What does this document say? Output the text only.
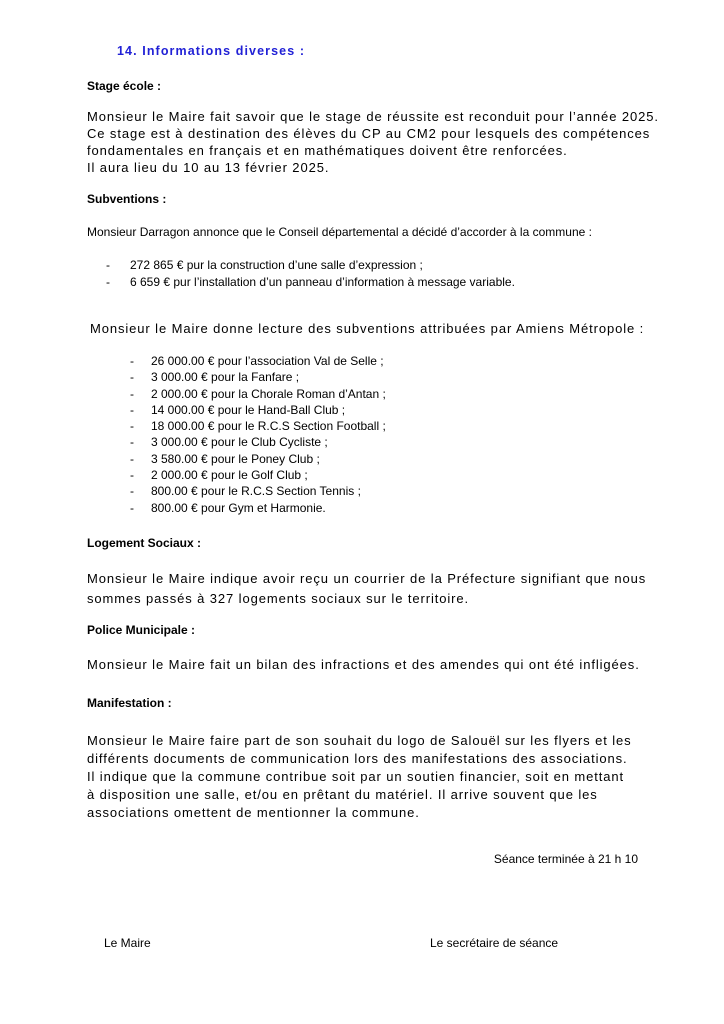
14. Informations diverses :
Stage école :
Monsieur le Maire fait savoir que le stage de réussite est reconduit pour l’année 2025.
Ce stage est à destination des élèves du CP au CM2 pour lesquels des compétences
fondamentales en français et en mathématiques doivent être renforcées.
Il aura lieu du 10 au 13 février 2025.
Subventions :
Monsieur Darragon annonce que le Conseil départemental a décidé d’accorder à la commune :
- 272 865 € pur la construction d’une salle d’expression ;
- 6 659 € pur l’installation d’un panneau d’information à message variable.
Monsieur le Maire donne lecture des subventions attribuées par Amiens Métropole :
- 26 000.00 € pour l’association Val de Selle ;
- 3 000.00 € pour la Fanfare ;
- 2 000.00 € pour la Chorale Roman d’Antan ;
- 14 000.00 € pour le Hand-Ball Club ;
- 18 000.00 € pour le R.C.S Section Football ;
- 3 000.00 € pour le Club Cycliste ;
- 3 580.00 € pour le Poney Club ;
- 2 000.00 € pour le Golf Club ;
- 800.00 € pour le R.C.S Section Tennis ;
- 800.00 € pour Gym et Harmonie.
Logement Sociaux :
Monsieur le Maire indique avoir reçu un courrier de la Préfecture signifiant que nous
sommes passés à 327 logements sociaux sur le territoire.
Police Municipale :
Monsieur le Maire fait un bilan des infractions et des amendes qui ont été infligées.
Manifestation :
Monsieur le Maire faire part de son souhait du logo de Salouël sur les flyers et les
différents documents de communication lors des manifestations des associations.
Il indique que la commune contribue soit par un soutien financier, soit en mettant
à disposition une salle, et/ou en prêtant du matériel. Il arrive souvent que les
associations omettent de mentionner la commune.
Séance terminée à 21 h 10
Le Maire	Le secrétaire de séance
